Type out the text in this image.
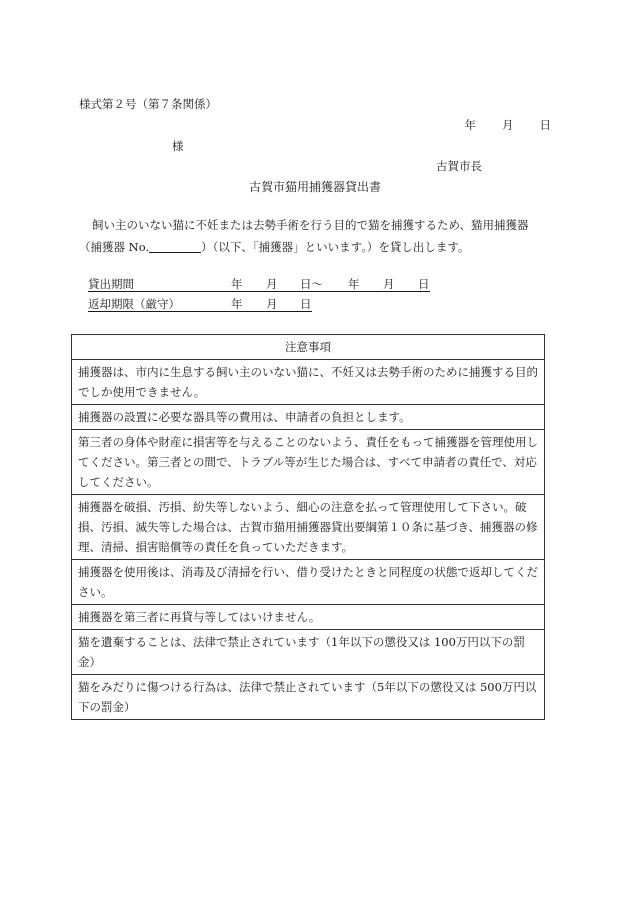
様式第２号（第７条関係）
年 月 日
様
古賀市長
古賀市猫用捕獲器貸出書
飼い主のいない猫に不妊または去勢手術を行う目的で猫を捕獲するため、猫用捕獲器（捕獲器 No.	）（以下、「捕獲器」といいます。）を貸し出します。
貸出期間	年 月 日～ 年 月 日
返却期限（厳守）	年 月 日
注意事項
捕獲器は、市内に生息する飼い主のいない猫に、不妊又は去勢手術のために捕獲する目的でしか使用できません。
捕獲器の設置に必要な器具等の費用は、申請者の負担とします。
第三者の身体や財産に損害等を与えることのないよう、責任をもって捕獲器を管理使用してください。第三者との間で、トラブル等が生じた場合は、すべて申請者の責任で、対応してください。
捕獲器を破損、汚損、紛失等しないよう、細心の注意を払って管理使用して下さい。破損、汚損、滅失等した場合は、古賀市猫用捕獲器貸出要綱第１０条に基づき、捕獲器の修理、清掃、損害賠償等の責任を負っていただきます。
捕獲器を使用後は、消毒及び清掃を行い、借り受けたときと同程度の状態で返却してください。
捕獲器を第三者に再貸与等してはいけません。
猫を遺棄することは、法律で禁止されています（1年以下の懲役又は 100万円以下の罰金）
猫をみだりに傷つける行為は、法律で禁止されています（5年以下の懲役又は 500万円以下の罰金）
